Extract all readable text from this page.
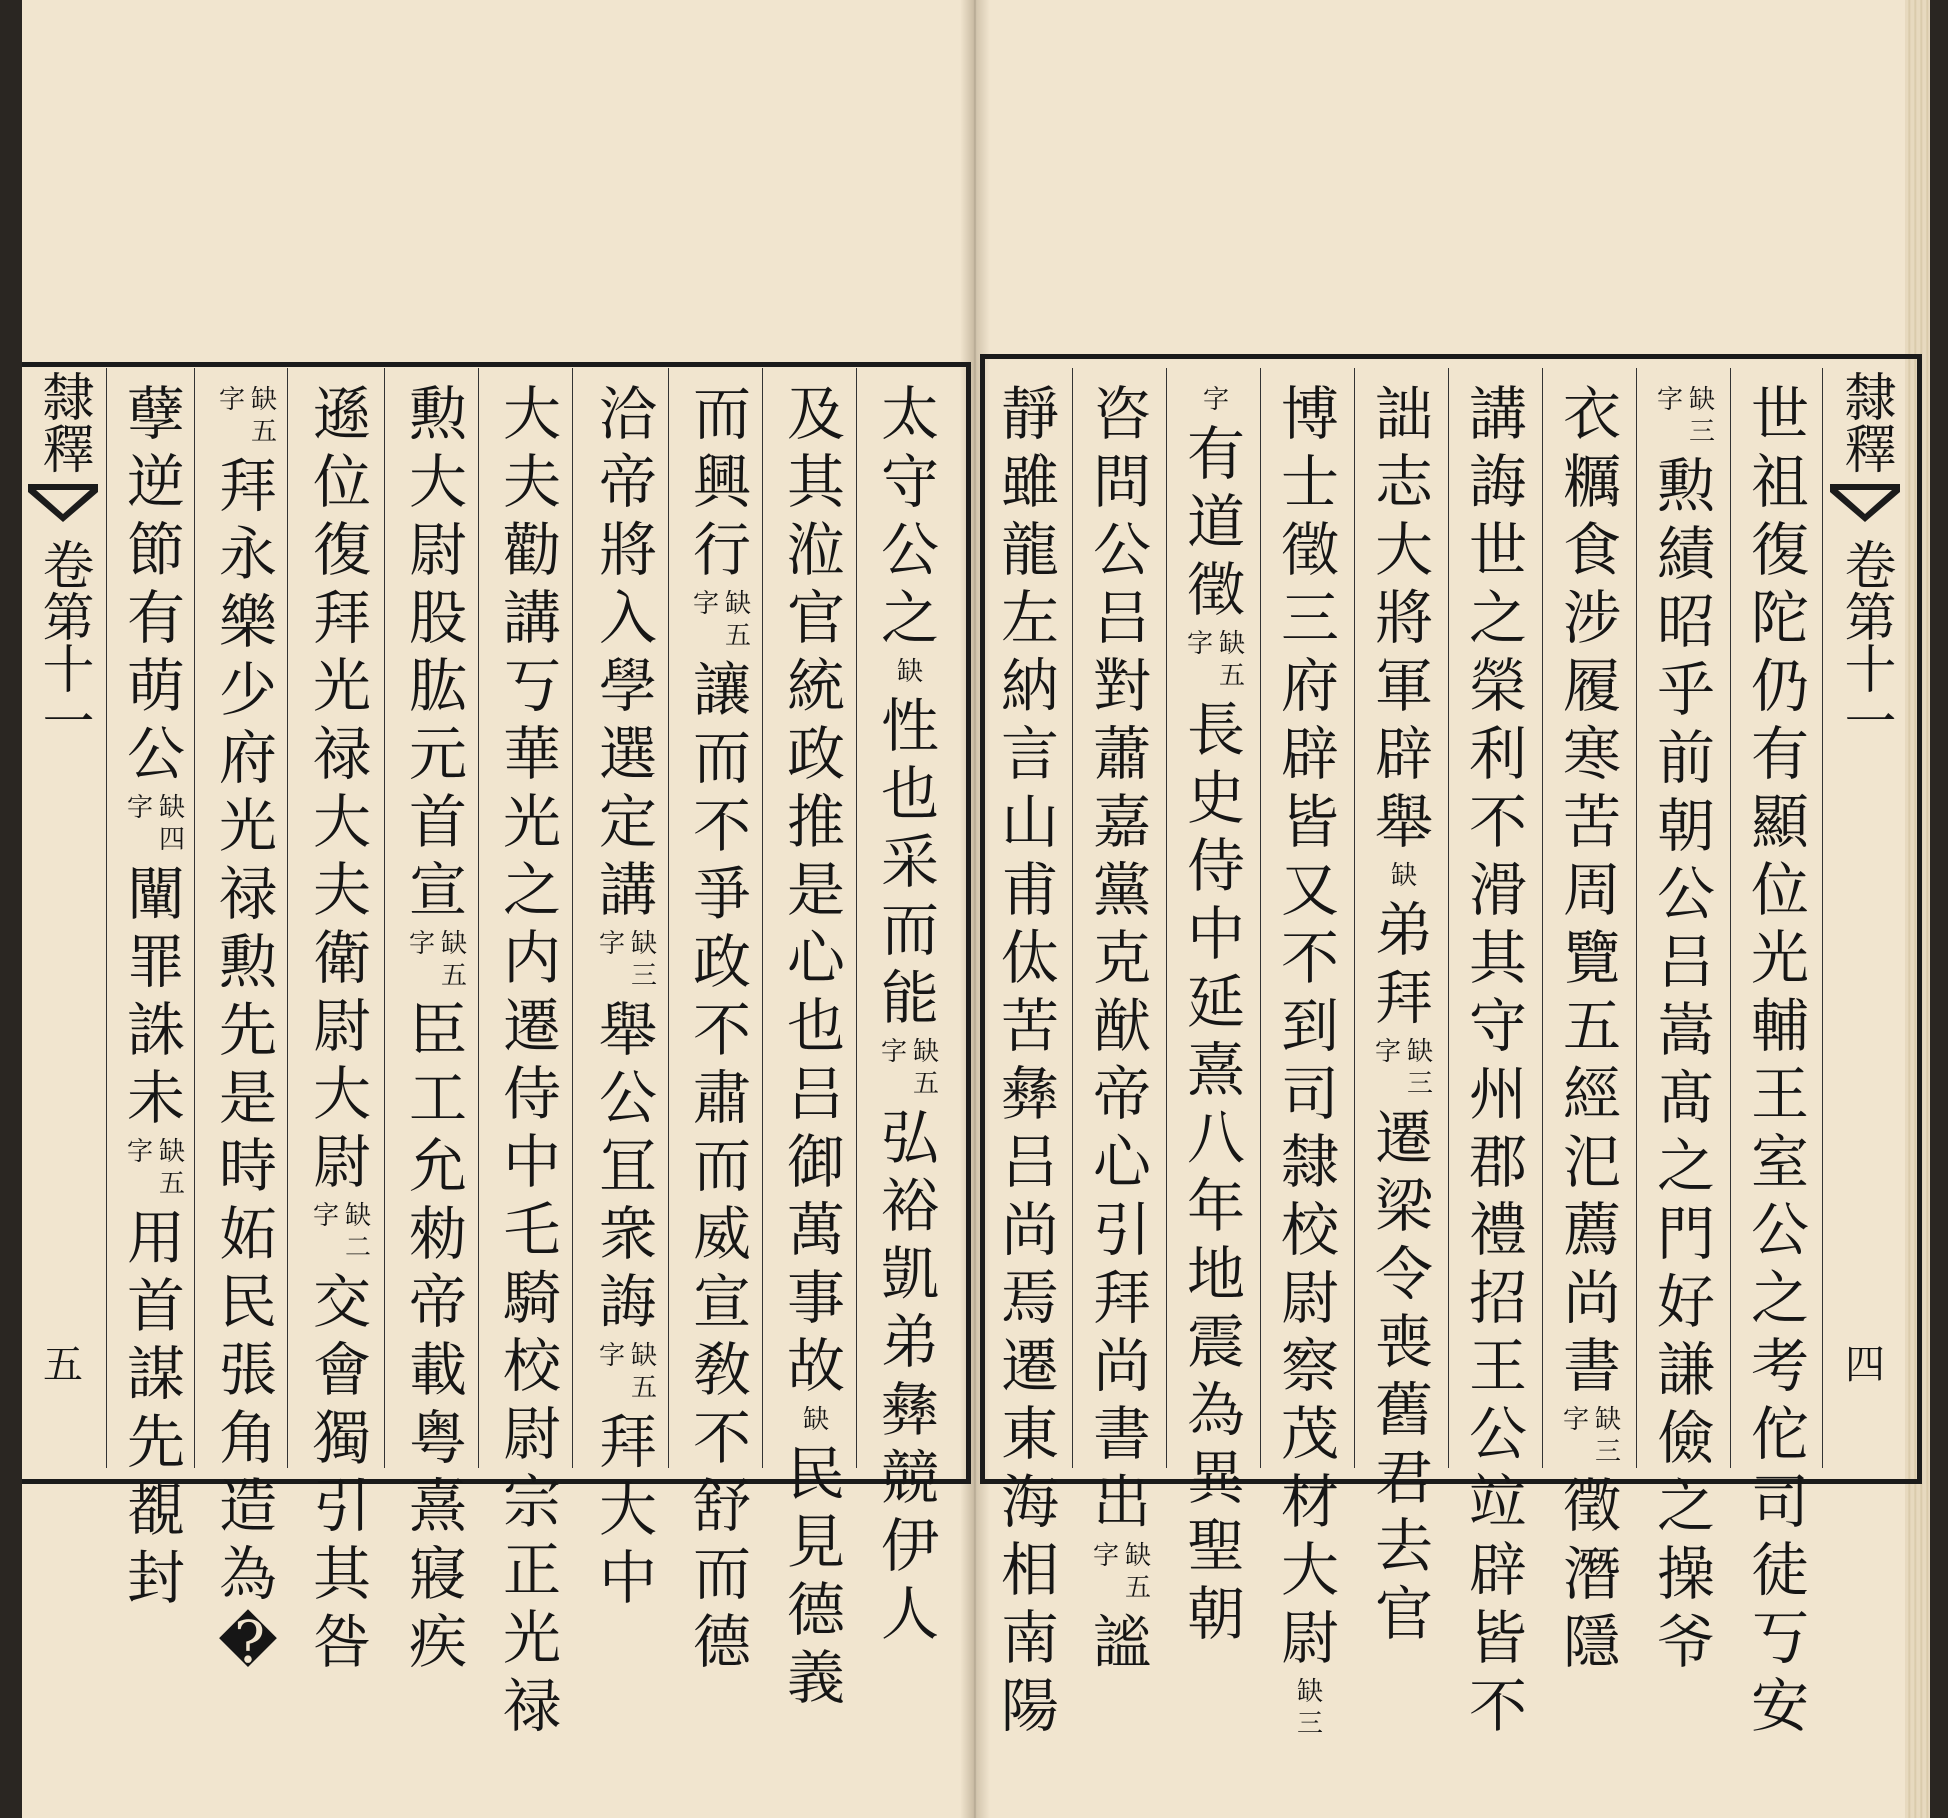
隸釋
卷第十一
五
隸釋
卷第十一
四
太
守
公
之
缺
性
也
采
而
能
缺
五
字
弘
裕
凱
弟
彝
競
伊
人
及
其
涖
官
統
政
推
是
心
也
吕
御
萬
事
故
缺
民
見
德
義
而
興
行
缺
五
字
讓
而
不
爭
政
不
肅
而
威
宣
敎
不
舒
而
德
洽
帝
將
入
學
選
定
講
缺
三
字
舉
公
冝
衆
誨
缺
五
字
拜
大
中
大
夫
勸
講
丂
華
光
之
内
遷
侍
中
乇
騎
校
尉
宗
正
光
禄
勲
大
尉
股
肱
元
首
宣
缺
五
字
臣
工
允
勑
帝
載
粤
熹
寢
疾
遜
位
復
拜
光
禄
大
夫
衛
尉
大
尉
缺
二
字
交
會
獨
引
其
咎
缺
五
字
拜
永
樂
少
府
光
禄
勲
先
是
時
妬
民
張
角
造
為
�
孽
逆
節
有
萌
公
缺
四
字
闡
罪
誅
未
缺
五
字
用
首
謀
先
覩
封
世
祖
復
陀
仍
有
顯
位
光
輔
王
室
公
之
考
佗
司
徒
丂
安
缺
三
字
勲
績
昭
乎
前
朝
公
吕
嵩
髙
之
門
好
謙
儉
之
操
爷
衣
糲
食
涉
履
寒
苦
周
覽
五
經
汜
薦
尚
書
缺
三
字
徵
潛
隱
講
誨
世
之
榮
利
不
滑
其
守
州
郡
禮
招
王
公
竝
辟
皆
不
詘
志
大
將
軍
辟
舉
缺
弟
拜
缺
三
字
遷
梁
令
喪
舊
君
去
官
博
士
徵
三
府
辟
皆
又
不
到
司
隸
校
尉
察
茂
材
大
尉
缺
三
字
有
道
徵
缺
五
字
長
史
侍
中
延
熹
八
年
地
震
為
異
聖
朝
咨
問
公
吕
對
蕭
嘉
黨
克
猷
帝
心
引
拜
尚
書
出
缺
五
字
謐
靜
雖
龍
左
納
言
山
甫
㑀
苦
彝
吕
尚
焉
遷
東
海
相
南
陽
